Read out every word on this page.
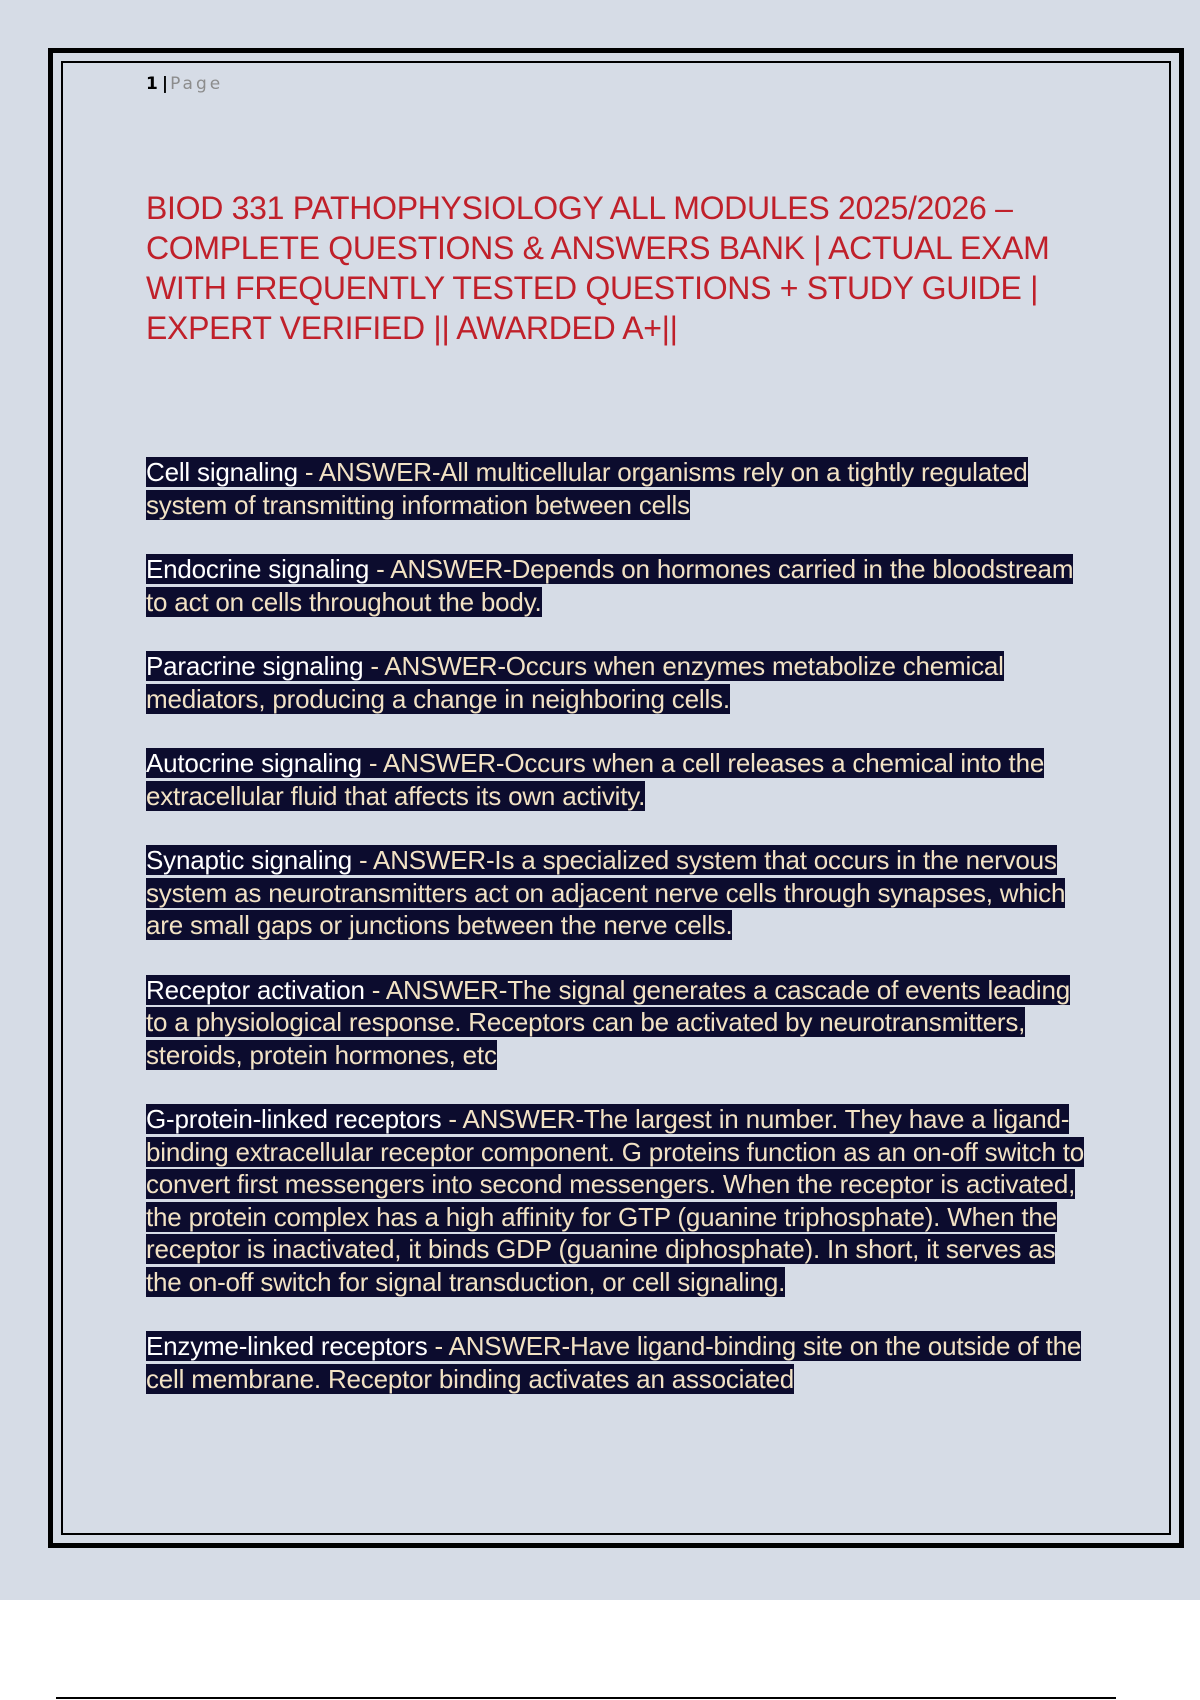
1 | Page
BIOD 331 PATHOPHYSIOLOGY ALL MODULES 2025/2026 – COMPLETE QUESTIONS & ANSWERS BANK | ACTUAL EXAM WITH FREQUENTLY TESTED QUESTIONS + STUDY GUIDE | EXPERT VERIFIED || AWARDED A+||
Cell signaling - ANSWER-All multicellular organisms rely on a tightly regulated system of transmitting information between cells
Endocrine signaling - ANSWER-Depends on hormones carried in the bloodstream to act on cells throughout the body.
Paracrine signaling - ANSWER-Occurs when enzymes metabolize chemical mediators, producing a change in neighboring cells.
Autocrine signaling - ANSWER-Occurs when a cell releases a chemical into the extracellular fluid that affects its own activity.
Synaptic signaling - ANSWER-Is a specialized system that occurs in the nervous system as neurotransmitters act on adjacent nerve cells through synapses, which are small gaps or junctions between the nerve cells.
Receptor activation - ANSWER-The signal generates a cascade of events leading to a physiological response. Receptors can be activated by neurotransmitters, steroids, protein hormones, etc
G-protein-linked receptors - ANSWER-The largest in number. They have a ligand-binding extracellular receptor component. G proteins function as an on-off switch to convert first messengers into second messengers. When the receptor is activated, the protein complex has a high affinity for GTP (guanine triphosphate). When the receptor is inactivated, it binds GDP (guanine diphosphate). In short, it serves as the on-off switch for signal transduction, or cell signaling.
Enzyme-linked receptors - ANSWER-Have ligand-binding site on the outside of the cell membrane. Receptor binding activates an associated
